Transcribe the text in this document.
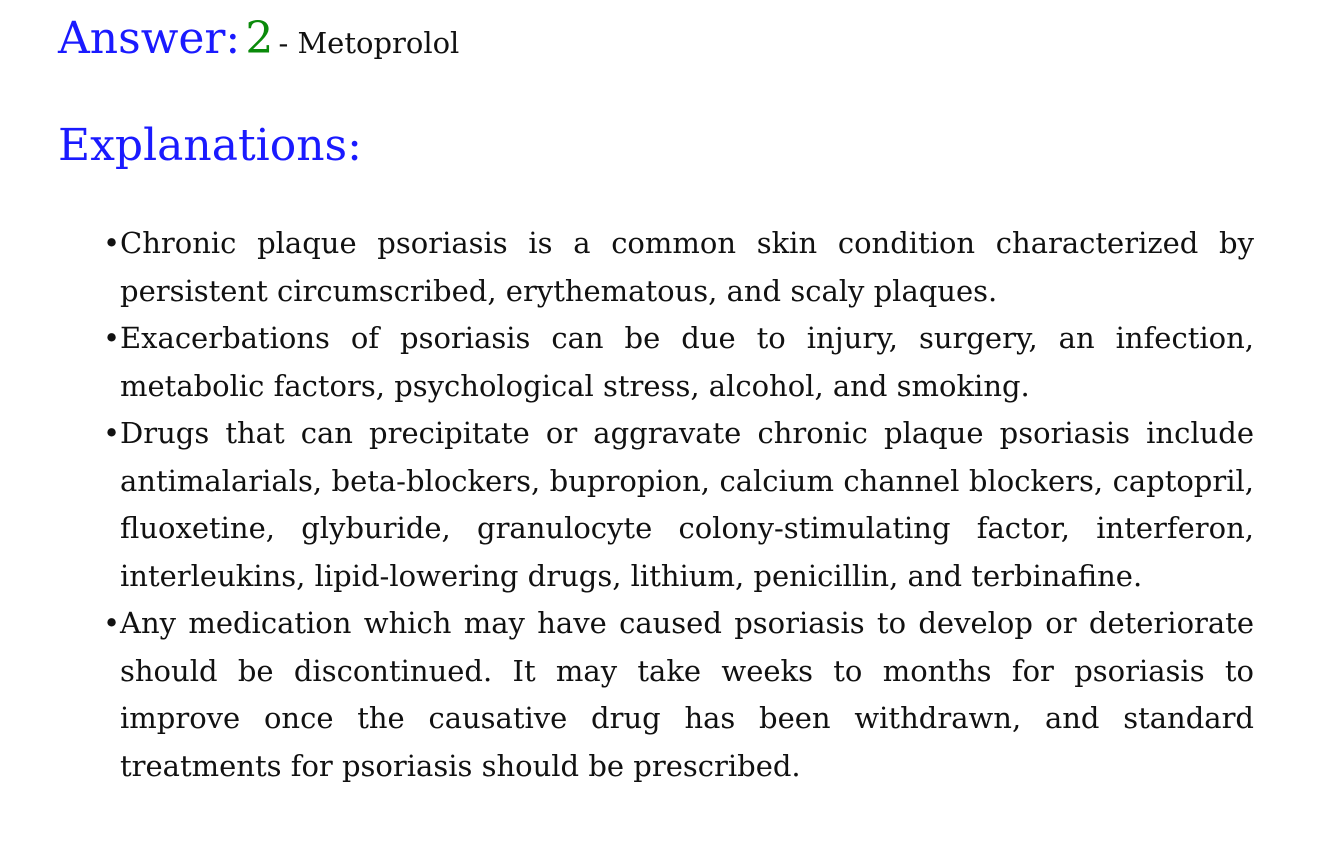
Answer: 2 - Metoprolol
Explanations:
• Chronic plaque psoriasis is a common skin condition characterized by persistent circumscribed, erythematous, and scaly plaques.
• Exacerbations of psoriasis can be due to injury, surgery, an infection, metabolic factors, psychological stress, alcohol, and smoking.
• Drugs that can precipitate or aggravate chronic plaque psoriasis include antimalarials, beta-blockers, bupropion, calcium channel blockers, captopril, fluoxetine, glyburide, granulocyte colony-stimulating factor, interferon, interleukins, lipid-lowering drugs, lithium, penicillin, and terbinafine.
• Any medication which may have caused psoriasis to develop or deteriorate should be discontinued. It may take weeks to months for psoriasis to improve once the causative drug has been withdrawn, and standard treatments for psoriasis should be prescribed.
